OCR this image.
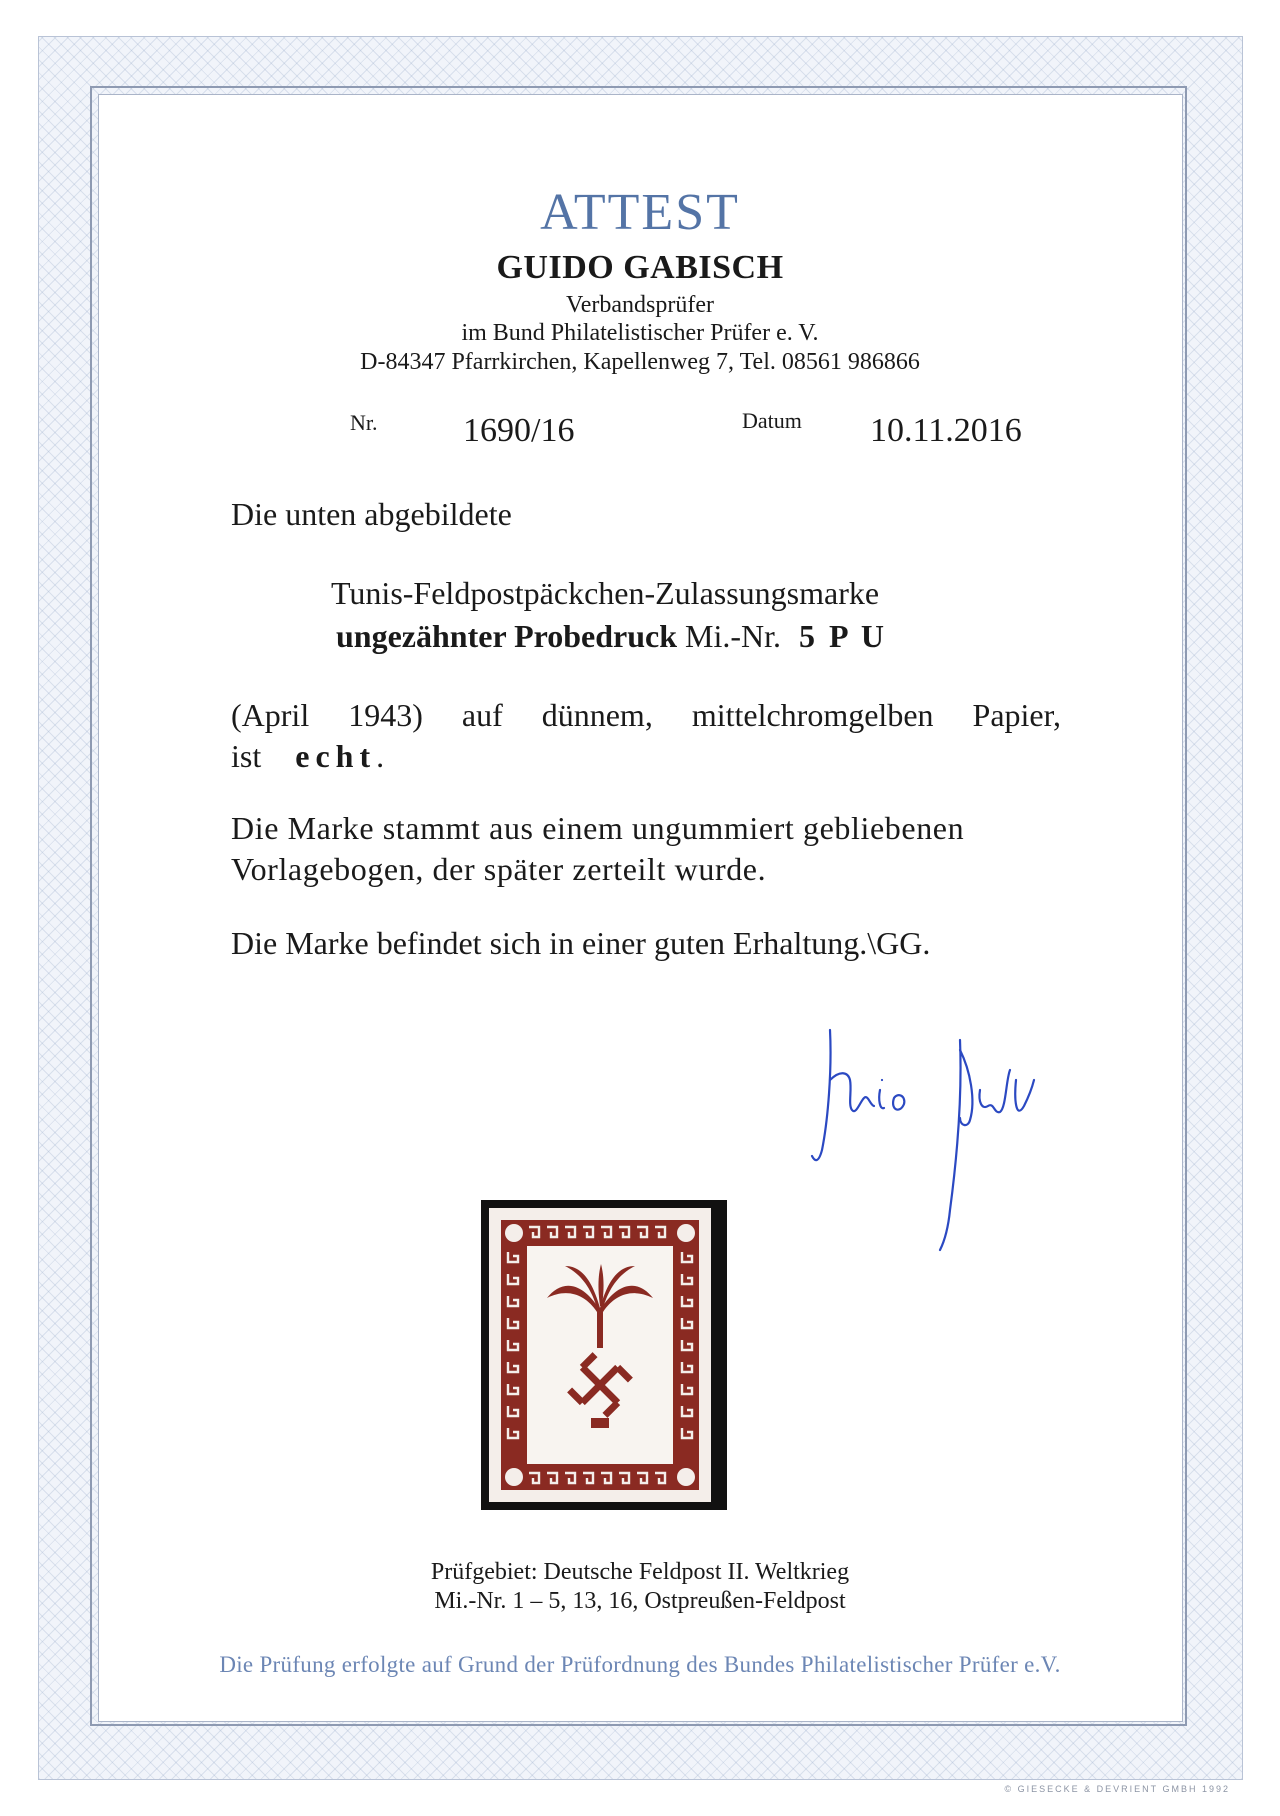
ATTEST
GUIDO GABISCH
Verbandsprüfer
im Bund Philatelistischer Prüfer e. V.
D-84347 Pfarrkirchen, Kapellenweg 7, Tel. 08561 986866
Nr.	1690/16	Datum 10.11.2016
Die unten abgebildete
Tunis-Feldpostpäckchen-Zulassungsmarke
ungezähnter Probedruck Mi.-Nr. 5 P U
(April 1943) auf dünnem, mittelchromgelben Papier,
ist echt.
Die Marke stammt aus einem ungummiert gebliebenen
Vorlagebogen, der später zerteilt wurde.
Die Marke befindet sich in einer guten Erhaltung.\GG.
Prüfgebiet: Deutsche Feldpost II. Weltkrieg
Mi.-Nr. 1 – 5, 13, 16, Ostpreußen-Feldpost
Die Prüfung erfolgte auf Grund der Prüfordnung des Bundes Philatelistischer Prüfer e.V.
© GIESECKE & DEVRIENT GMBH 1992
